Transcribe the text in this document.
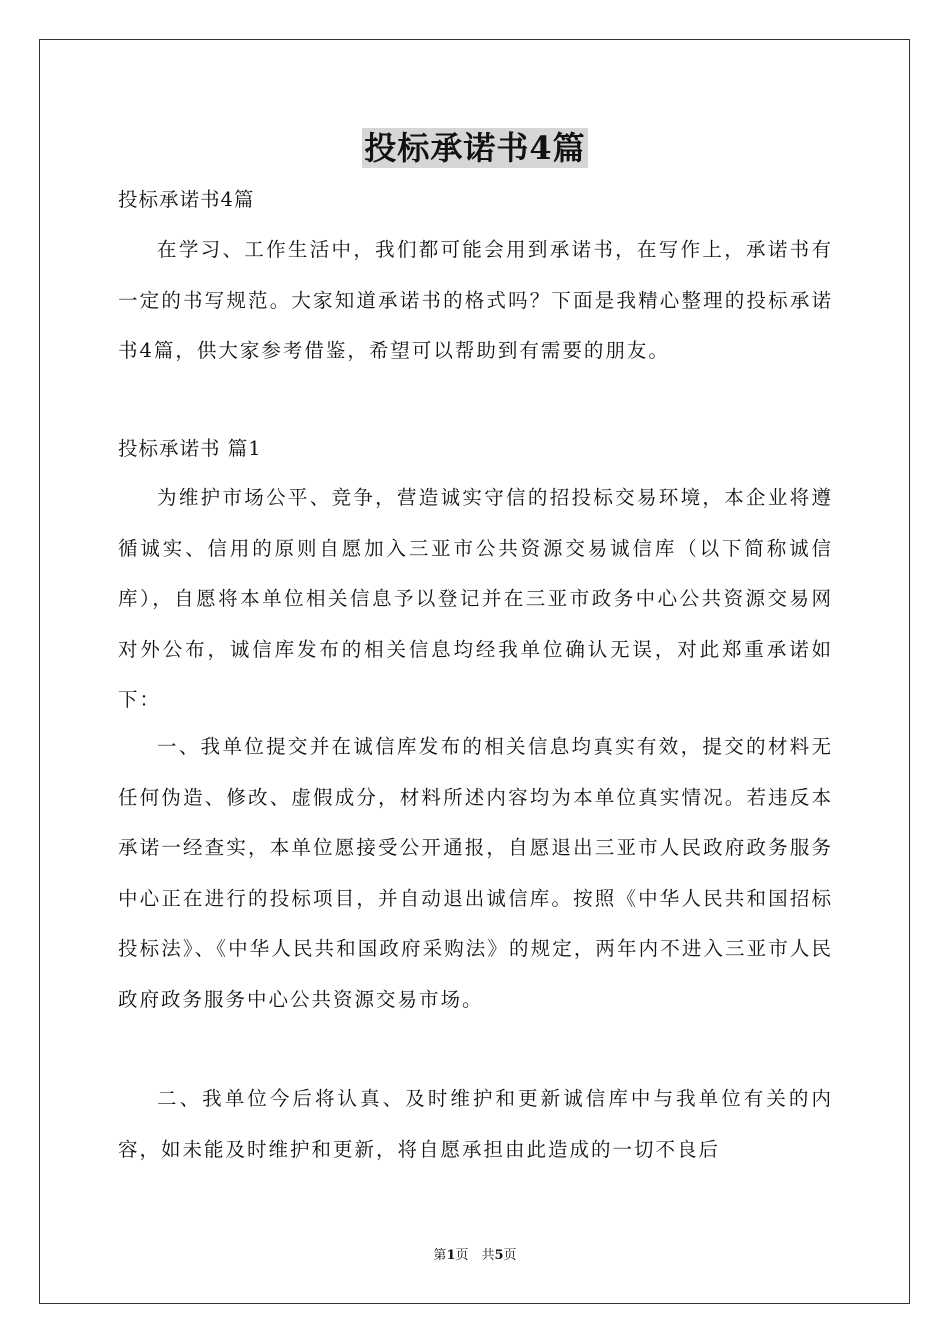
投标承诺书4篇
投标承诺书4篇

在学习、工作生活中，我们都可能会用到承诺书，在写作上，承诺书有一定的书写规范。大家知道承诺书的格式吗？下面是我精心整理的投标承诺书4篇，供大家参考借鉴，希望可以帮助到有需要的朋友。

投标承诺书 篇1

为维护市场公平、竞争，营造诚实守信的招投标交易环境，本企业将遵循诚实、信用的原则自愿加入三亚市公共资源交易诚信库（以下简称诚信库），自愿将本单位相关信息予以登记并在三亚市政务中心公共资源交易网对外公布，诚信库发布的相关信息均经我单位确认无误，对此郑重承诺如下：

一、我单位提交并在诚信库发布的相关信息均真实有效，提交的材料无任何伪造、修改、虚假成分，材料所述内容均为本单位真实情况。若违反本承诺一经查实，本单位愿接受公开通报，自愿退出三亚市人民政府政务服务中心正在进行的投标项目，并自动退出诚信库。按照《中华人民共和国招标投标法》、《中华人民共和国政府采购法》的规定，两年内不进入三亚市人民政府政务服务中心公共资源交易市场。

二、我单位今后将认真、及时维护和更新诚信库中与我单位有关的内容，如未能及时维护和更新，将自愿承担由此造成的一切不良后

第1页　共5页
